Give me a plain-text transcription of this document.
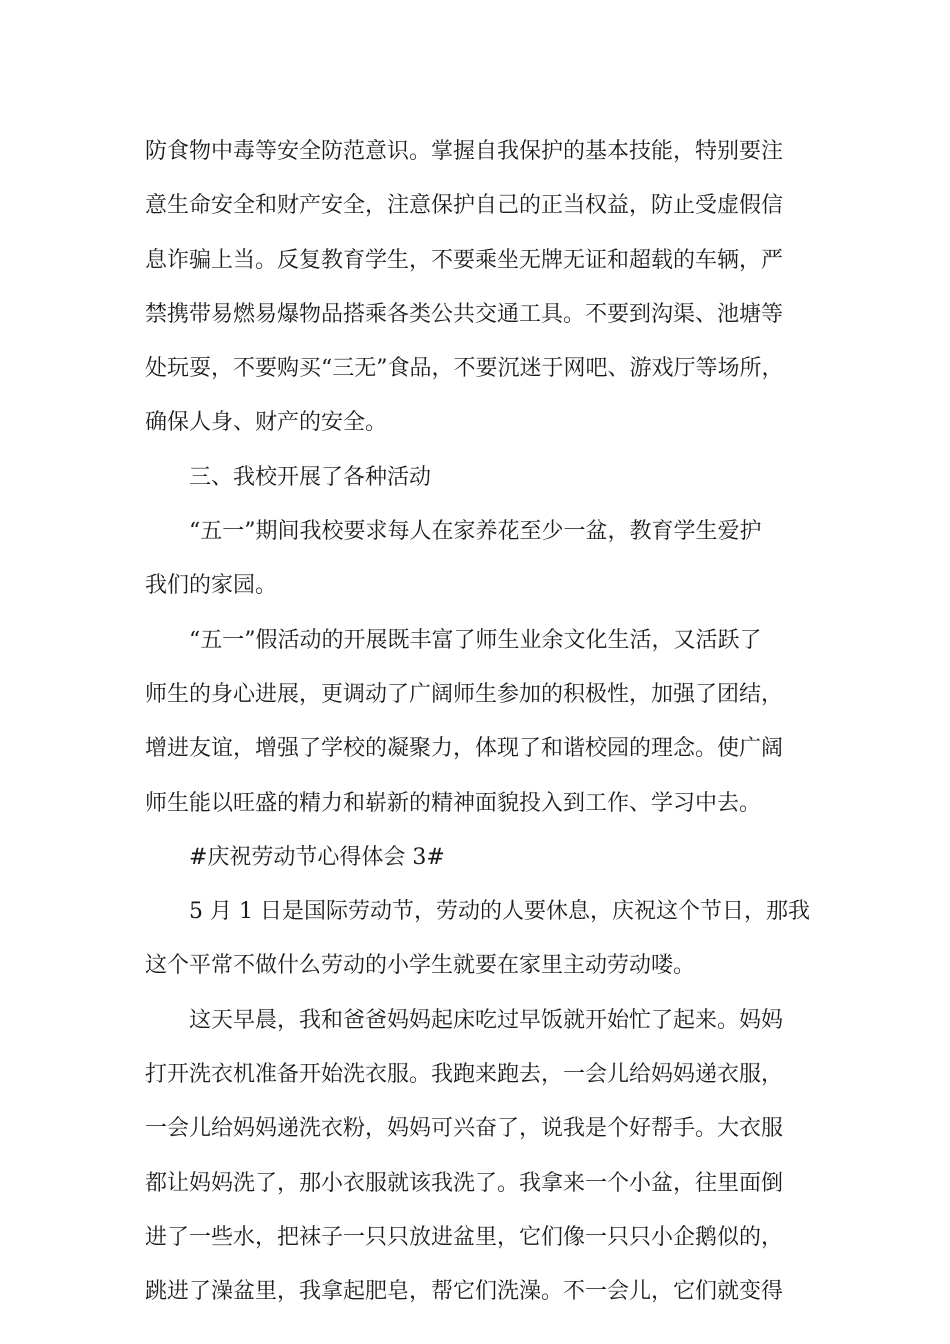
防食物中毒等安全防范意识。掌握自我保护的基本技能，特别要注
意生命安全和财产安全，注意保护自己的正当权益，防止受虚假信
息诈骗上当。反复教育学生，不要乘坐无牌无证和超载的车辆，严
禁携带易燃易爆物品搭乘各类公共交通工具。不要到沟渠、池塘等
处玩耍，不要购买“三无”食品，不要沉迷于网吧、游戏厅等场所，
确保人身、财产的安全。
三、我校开展了各种活动
“五一”期间我校要求每人在家养花至少一盆，教育学生爱护
我们的家园。
“五一”假活动的开展既丰富了师生业余文化生活，又活跃了
师生的身心进展，更调动了广阔师生参加的积极性，加强了团结，
增进友谊，增强了学校的凝聚力，体现了和谐校园的理念。使广阔
师生能以旺盛的精力和崭新的精神面貌投入到工作、学习中去。
#庆祝劳动节心得体会 3#
5 月 1 日是国际劳动节，劳动的人要休息，庆祝这个节日，那我
这个平常不做什么劳动的小学生就要在家里主动劳动喽。
这天早晨，我和爸爸妈妈起床吃过早饭就开始忙了起来。妈妈
打开洗衣机准备开始洗衣服。我跑来跑去，一会儿给妈妈递衣服，
一会儿给妈妈递洗衣粉，妈妈可兴奋了，说我是个好帮手。大衣服
都让妈妈洗了，那小衣服就该我洗了。我拿来一个小盆，往里面倒
进了一些水，把袜子一只只放进盆里，它们像一只只小企鹅似的，
跳进了澡盆里，我拿起肥皂，帮它们洗澡。不一会儿，它们就变得
